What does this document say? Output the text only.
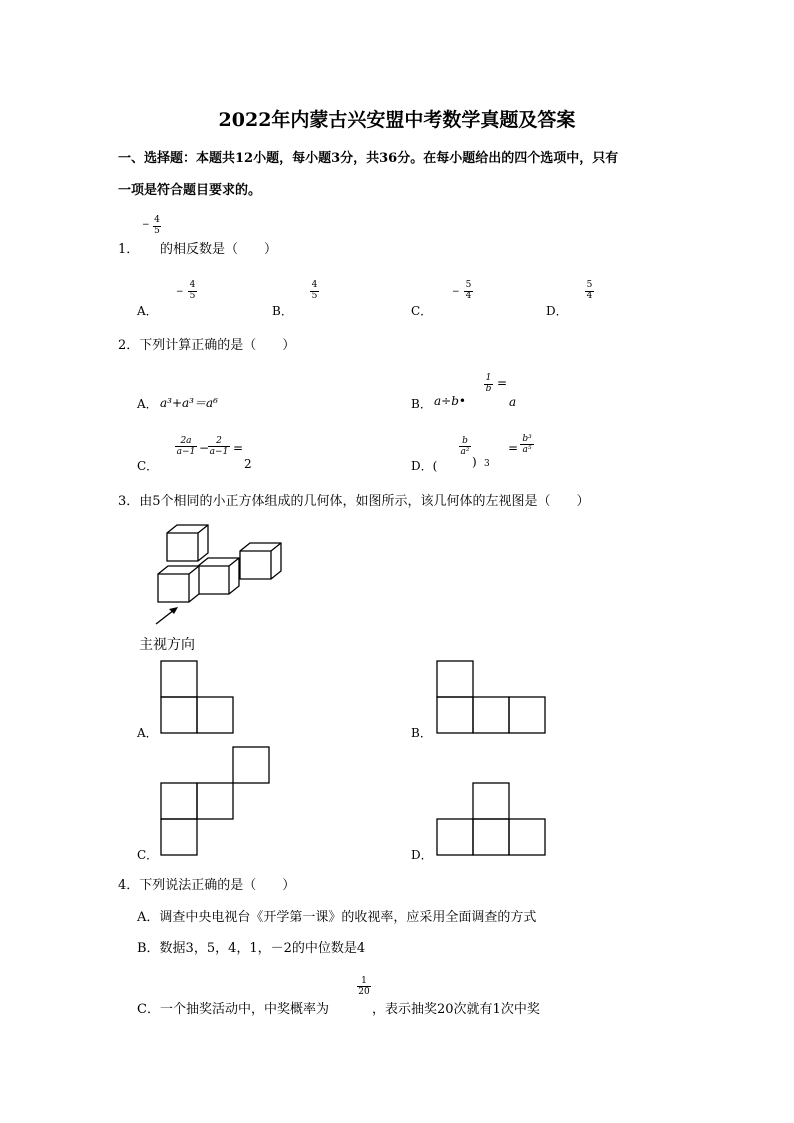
2022年内蒙古兴安盟中考数学真题及答案
一、选择题：本题共12小题，每小题3分，共36分。在每小题给出的四个选项中，只有
一项是符合题目要求的。
1．
− $\frac{4}{5}$
的相反数是（　　）
A．
− $\frac{4}{5}$
B．
$\frac{4}{5}$
C．
− $\frac{5}{4}$
D．
$\frac{5}{4}$
2．下列计算正确的是（　　）
A． a³+a³＝a⁶	B． a÷b•
$\frac{1}{b}$ =
a
C．
$\frac{2a}{a-1}$ −
$\frac{2}{a-1}$ =
2	D．(
$\frac{b}{\text{a²}}$
) 3
=
b³
a⁵
3．由5个相同的小正方体组成的几何体，如图所示，该几何体的左视图是（　　）
主视方向
A．	B．
C．	D．
4．下列说法正确的是（　　）
A．调查中央电视台《开学第一课》的收视率，应采用全面调查的方式
B．数据3，5，4，1，－2的中位数是4
C．一个抽奖活动中，中奖概率为
$\frac{1}{20}$
，表示抽奖20次就有1次中奖
